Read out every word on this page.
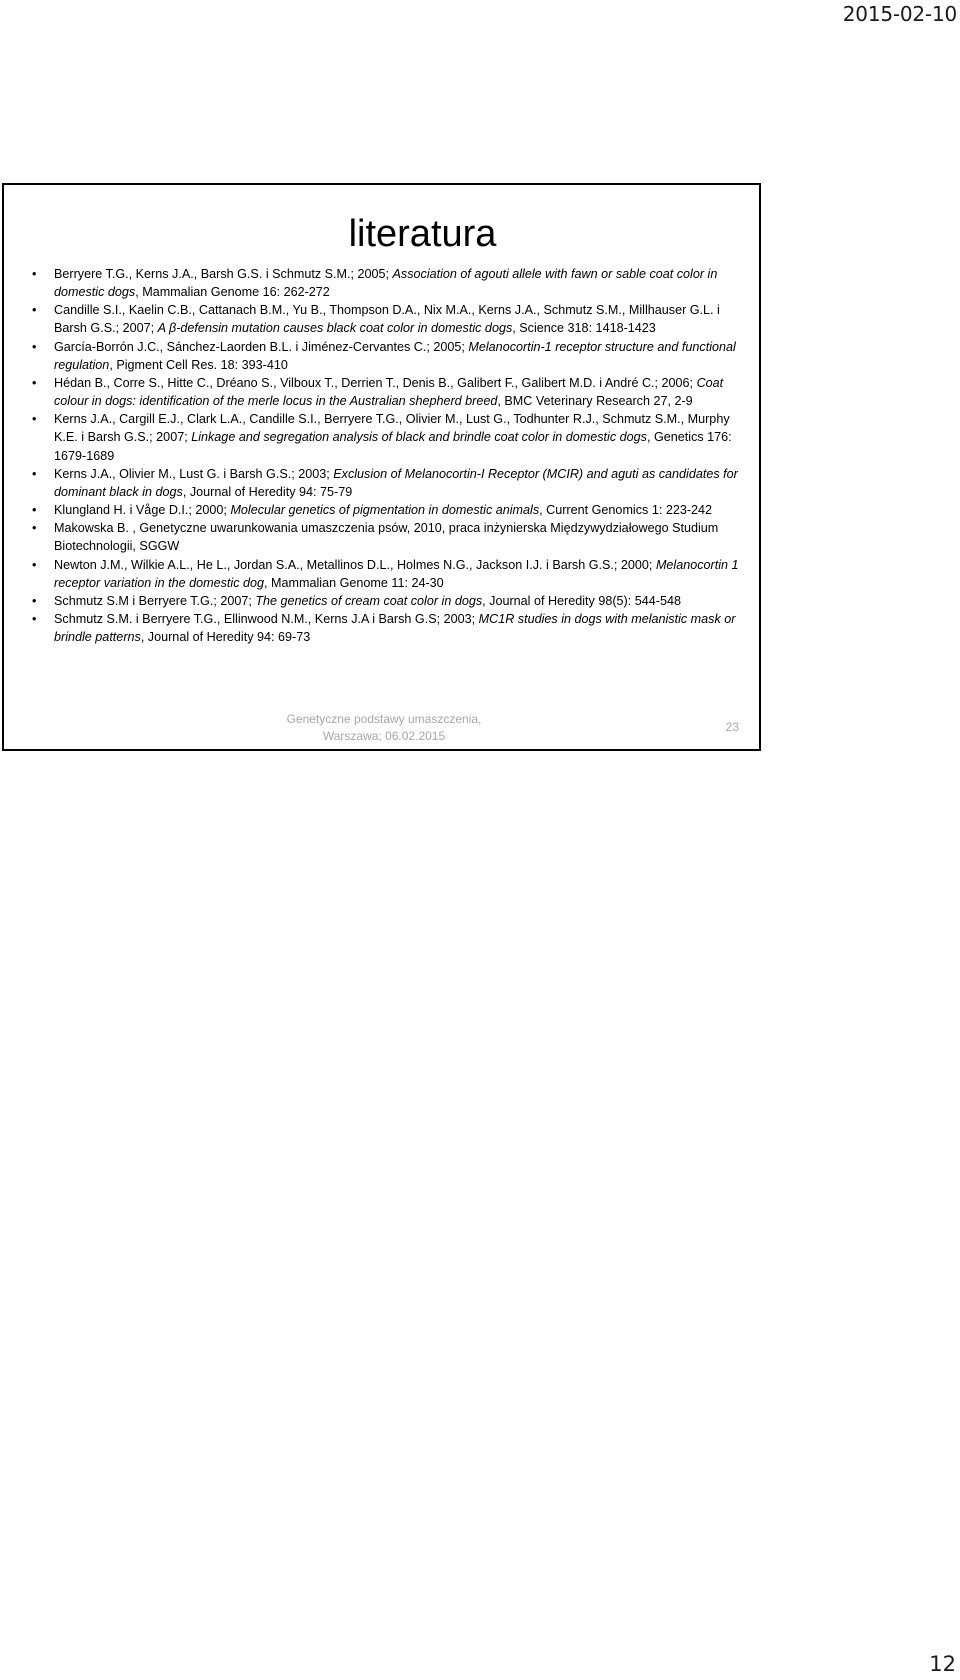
2015-02-10
literatura
• Berryere T.G., Kerns J.A., Barsh G.S. i Schmutz S.M.; 2005; Association of agouti allele with fawn or sable coat color in domestic dogs, Mammalian Genome 16: 262-272
• Candille S.I., Kaelin C.B., Cattanach B.M., Yu B., Thompson D.A., Nix M.A., Kerns J.A., Schmutz S.M., Millhauser G.L. i Barsh G.S.; 2007; A β-defensin mutation causes black coat color in domestic dogs, Science 318: 1418-1423
• García-Borrón J.C., Sánchez-Laorden B.L. i Jiménez-Cervantes C.; 2005; Melanocortin-1 receptor structure and functional regulation, Pigment Cell Res. 18: 393-410
• Hédan B., Corre S., Hitte C., Dréano S., Vilboux T., Derrien T., Denis B., Galibert F., Galibert M.D. i André C.; 2006; Coat colour in dogs: identification of the merle locus in the Australian shepherd breed, BMC Veterinary Research 27, 2-9
• Kerns J.A., Cargill E.J., Clark L.A., Candille S.I., Berryere T.G., Olivier M., Lust G., Todhunter R.J., Schmutz S.M., Murphy K.E. i Barsh G.S.; 2007; Linkage and segregation analysis of black and brindle coat color in domestic dogs, Genetics 176: 1679-1689
• Kerns J.A., Olivier M., Lust G. i Barsh G.S.; 2003; Exclusion of Melanocortin-I Receptor (MCIR) and aguti as candidates for dominant black in dogs, Journal of Heredity 94: 75-79
• Klungland H. i Våge D.I.; 2000; Molecular genetics of pigmentation in domestic animals, Current Genomics 1: 223-242
• Makowska B. , Genetyczne uwarunkowania umaszczenia psów, 2010, praca inżynierska Międzywydziałowego Studium Biotechnologii, SGGW
• Newton J.M., Wilkie A.L., He L., Jordan S.A., Metallinos D.L., Holmes N.G., Jackson I.J. i Barsh G.S.; 2000; Melanocortin 1 receptor variation in the domestic dog, Mammalian Genome 11: 24-30
• Schmutz S.M i Berryere T.G.; 2007; The genetics of cream coat color in dogs, Journal of Heredity 98(5): 544-548
• Schmutz S.M. i Berryere T.G., Ellinwood N.M., Kerns J.A i Barsh G.S; 2003; MC1R studies in dogs with melanistic mask or brindle patterns, Journal of Heredity 94: 69-73
Genetyczne podstawy umaszczenia,
Warszawa; 06.02.2015
23
12
